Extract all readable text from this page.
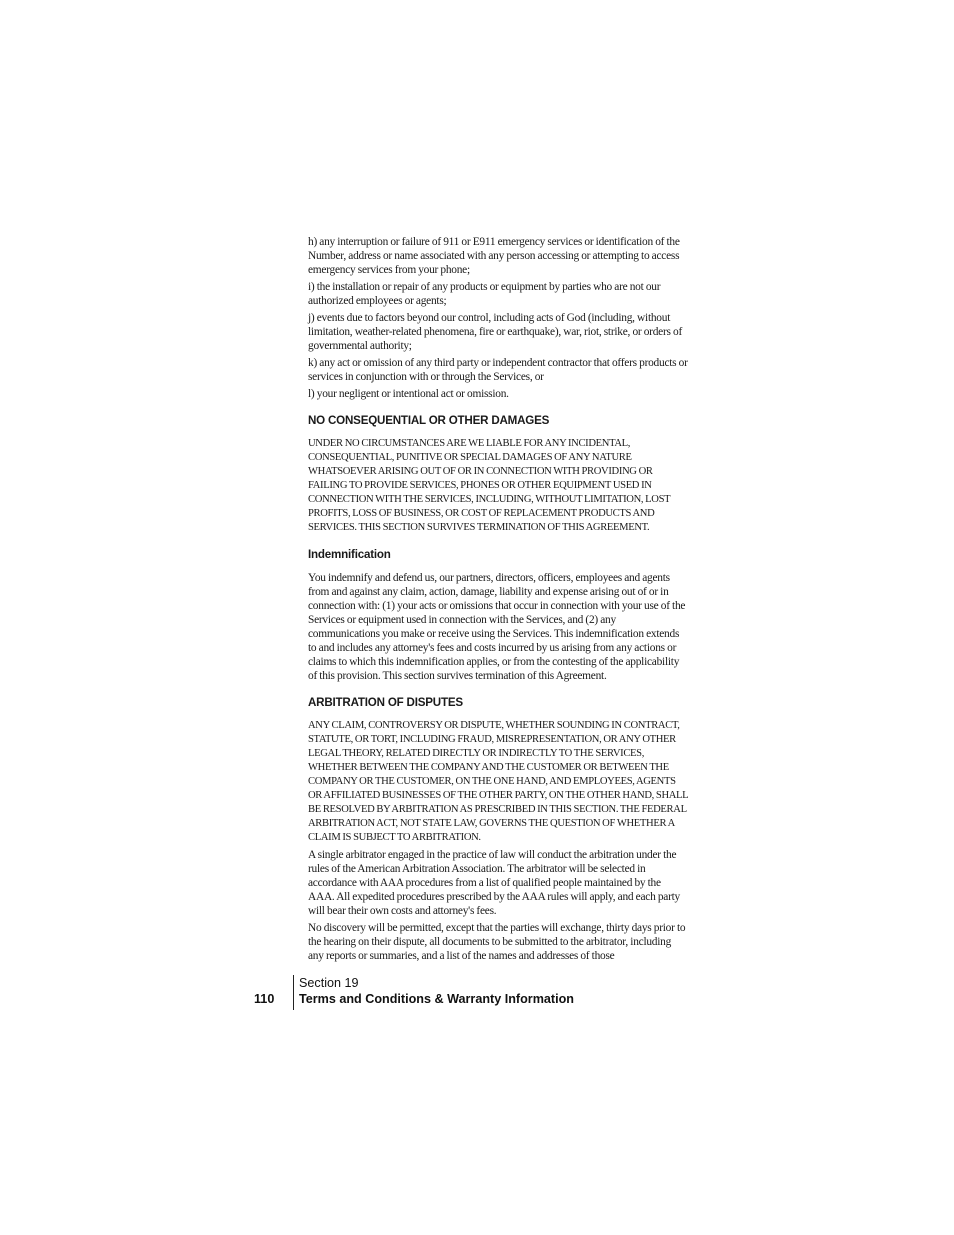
h) any interruption or failure of 911 or E911 emergency services or identification of the Number, address or name associated with any person accessing or attempting to access emergency services from your phone;

i) the installation or repair of any products or equipment by parties who are not our authorized employees or agents;

j) events due to factors beyond our control, including acts of God (including, without limitation, weather-related phenomena, fire or earthquake), war, riot, strike, or orders of governmental authority;

k) any act or omission of any third party or independent contractor that offers products or services in conjunction with or through the Services, or

l) your negligent or intentional act or omission.

NO CONSEQUENTIAL OR OTHER DAMAGES

UNDER NO CIRCUMSTANCES ARE WE LIABLE FOR ANY INCIDENTAL, CONSEQUENTIAL, PUNITIVE OR SPECIAL DAMAGES OF ANY NATURE WHATSOEVER ARISING OUT OF OR IN CONNECTION WITH PROVIDING OR FAILING TO PROVIDE SERVICES, PHONES OR OTHER EQUIPMENT USED IN CONNECTION WITH THE SERVICES, INCLUDING, WITHOUT LIMITATION, LOST PROFITS, LOSS OF BUSINESS, OR COST OF REPLACEMENT PRODUCTS AND SERVICES. THIS SECTION SURVIVES TERMINATION OF THIS AGREEMENT.

Indemnification

You indemnify and defend us, our partners, directors, officers, employees and agents from and against any claim, action, damage, liability and expense arising out of or in connection with: (1) your acts or omissions that occur in connection with your use of the Services or equipment used in connection with the Services, and (2) any communications you make or receive using the Services. This indemnification extends to and includes any attorney's fees and costs incurred by us arising from any actions or claims to which this indemnification applies, or from the contesting of the applicability of this provision. This section survives termination of this Agreement.

ARBITRATION OF DISPUTES

ANY CLAIM, CONTROVERSY OR DISPUTE, WHETHER SOUNDING IN CONTRACT, STATUTE, OR TORT, INCLUDING FRAUD, MISREPRESENTATION, OR ANY OTHER LEGAL THEORY, RELATED DIRECTLY OR INDIRECTLY TO THE SERVICES, WHETHER BETWEEN THE COMPANY AND THE CUSTOMER OR BETWEEN THE COMPANY OR THE CUSTOMER, ON THE ONE HAND, AND EMPLOYEES, AGENTS OR AFFILIATED BUSINESSES OF THE OTHER PARTY, ON THE OTHER HAND, SHALL BE RESOLVED BY ARBITRATION AS PRESCRIBED IN THIS SECTION. THE FEDERAL ARBITRATION ACT, NOT STATE LAW, GOVERNS THE QUESTION OF WHETHER A CLAIM IS SUBJECT TO ARBITRATION.

A single arbitrator engaged in the practice of law will conduct the arbitration under the rules of the American Arbitration Association. The arbitrator will be selected in accordance with AAA procedures from a list of qualified people maintained by the AAA. All expedited procedures prescribed by the AAA rules will apply, and each party will bear their own costs and attorney's fees.

No discovery will be permitted, except that the parties will exchange, thirty days prior to the hearing on their dispute, all documents to be submitted to the arbitrator, including any reports or summaries, and a list of the names and addresses of those

110
Section 19
Terms and Conditions & Warranty Information
